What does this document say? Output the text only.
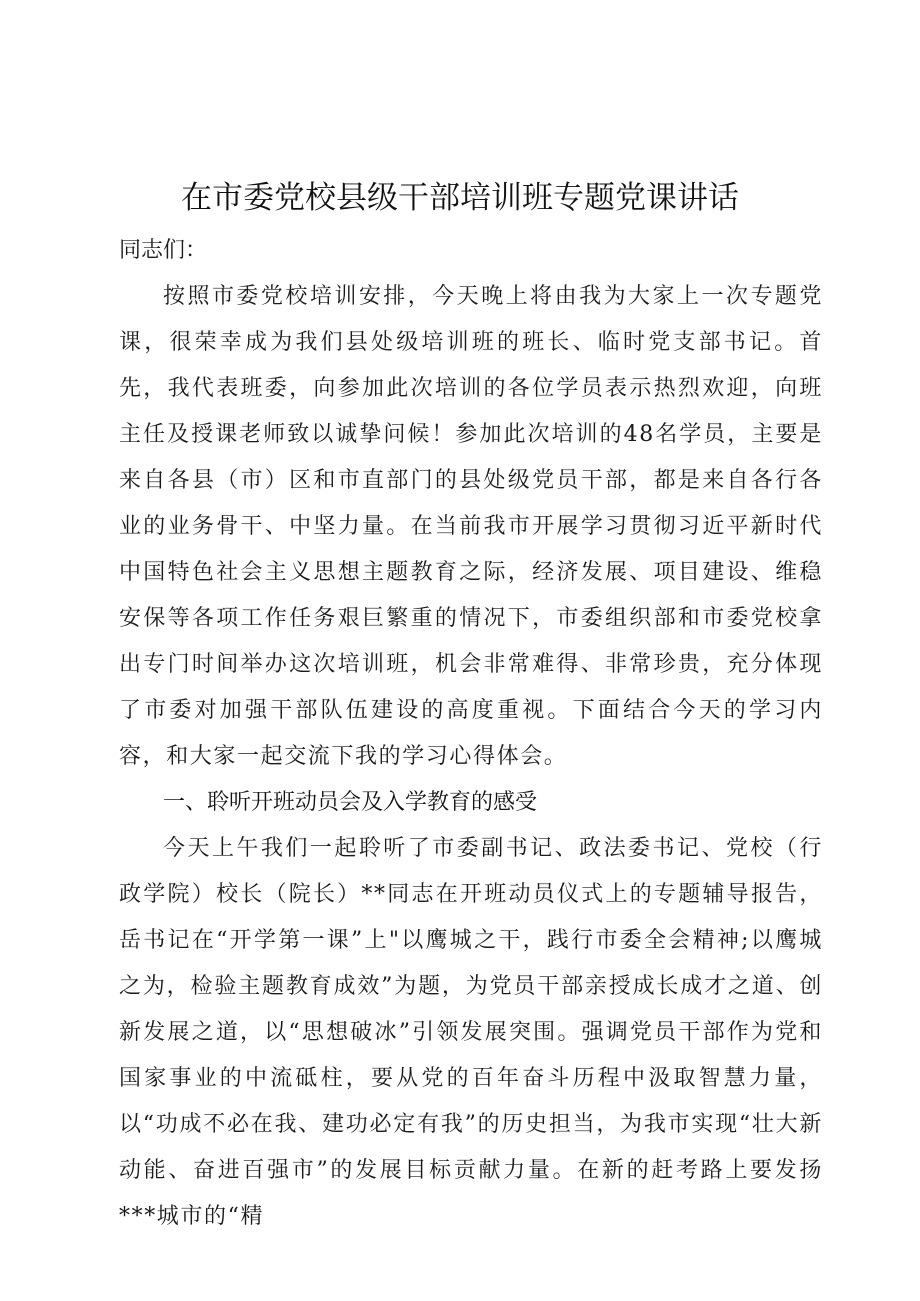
在市委党校县级干部培训班专题党课讲话

同志们：

按照市委党校培训安排，今天晚上将由我为大家上一次专题党课，很荣幸成为我们县处级培训班的班长、临时党支部书记。首先，我代表班委，向参加此次培训的各位学员表示热烈欢迎，向班主任及授课老师致以诚挚问候！参加此次培训的48名学员，主要是来自各县（市）区和市直部门的县处级党员干部，都是来自各行各业的业务骨干、中坚力量。在当前我市开展学习贯彻习近平新时代中国特色社会主义思想主题教育之际，经济发展、项目建设、维稳安保等各项工作任务艰巨繁重的情况下，市委组织部和市委党校拿出专门时间举办这次培训班，机会非常难得、非常珍贵，充分体现了市委对加强干部队伍建设的高度重视。下面结合今天的学习内容，和大家一起交流下我的学习心得体会。

一、聆听开班动员会及入学教育的感受

今天上午我们一起聆听了市委副书记、政法委书记、党校（行政学院）校长（院长）**同志在开班动员仪式上的专题辅导报告，岳书记在“开学第一课”上"以鹰城之干，践行市委全会精神;以鹰城之为，检验主题教育成效”为题，为党员干部亲授成长成才之道、创新发展之道，以“思想破冰”引领发展突围。强调党员干部作为党和国家事业的中流砥柱，要从党的百年奋斗历程中汲取智慧力量，以“功成不必在我、建功必定有我”的历史担当，为我市实现“壮大新动能、奋进百强市”的发展目标贡献力量。在新的赶考路上要发扬***城市的“精
